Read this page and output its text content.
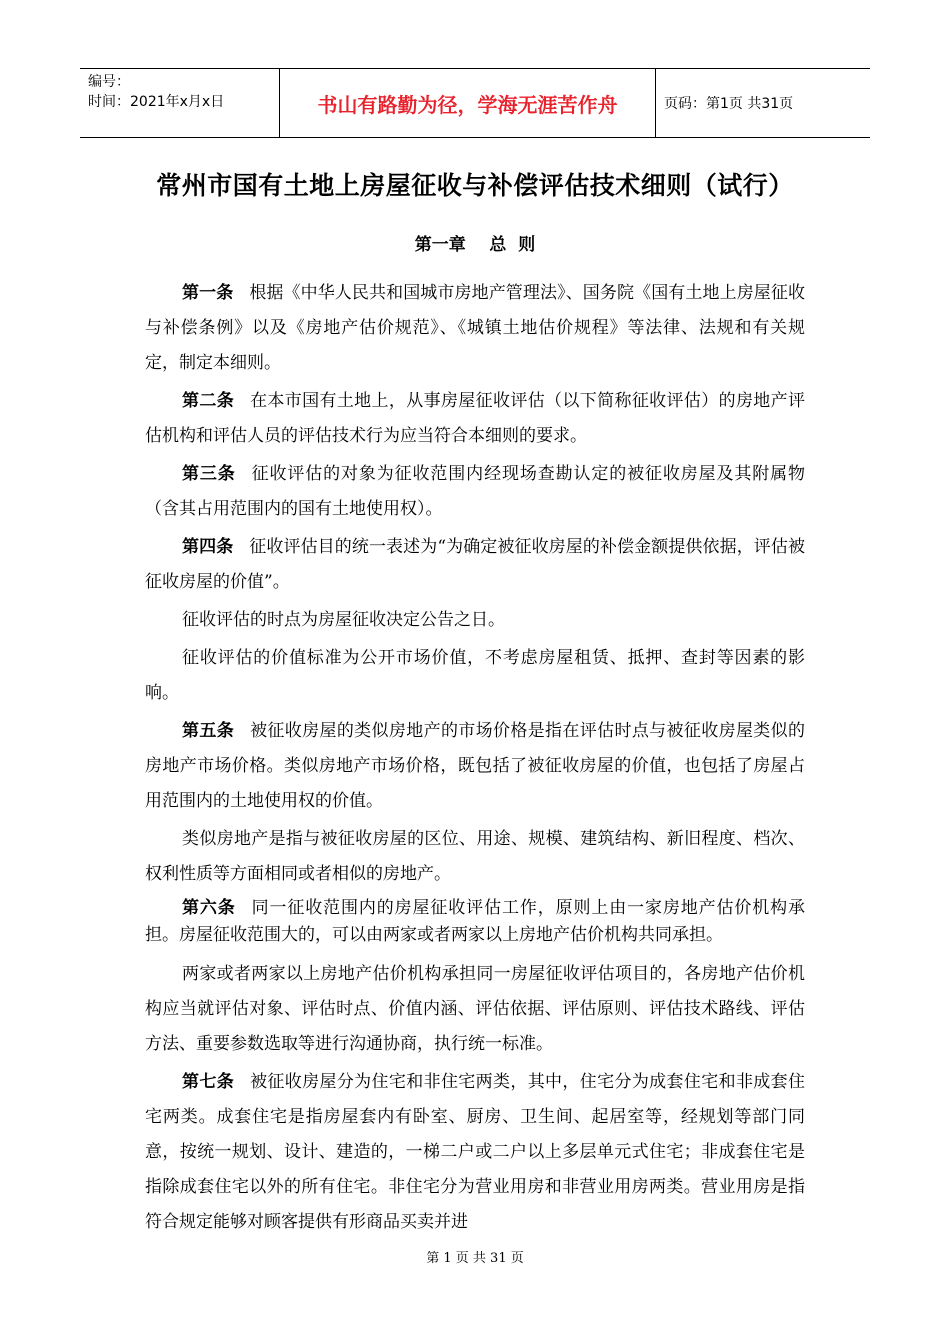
编号：
时间：2021年x月x日	书山有路勤为径，学海无涯苦作舟	页码：第1页 共31页
常州市国有土地上房屋征收与补偿评估技术细则（试行）
第一章    总  则

第一条 根据《中华人民共和国城市房地产管理法》、国务院《国有土地上房屋征收与补偿条例》以及《房地产估价规范》、《城镇土地估价规程》等法律、法规和有关规定，制定本细则。

第二条 在本市国有土地上，从事房屋征收评估（以下简称征收评估）的房地产评估机构和评估人员的评估技术行为应当符合本细则的要求。

第三条 征收评估的对象为征收范围内经现场查勘认定的被征收房屋及其附属物（含其占用范围内的国有土地使用权）。

第四条 征收评估目的统一表述为“为确定被征收房屋的补偿金额提供依据，评估被征收房屋的价值”。

征收评估的时点为房屋征收决定公告之日。

征收评估的价值标准为公开市场价值，不考虑房屋租赁、抵押、查封等因素的影响。

第五条 被征收房屋的类似房地产的市场价格是指在评估时点与被征收房屋类似的房地产市场价格。类似房地产市场价格，既包括了被征收房屋的价值，也包括了房屋占用范围内的土地使用权的价值。

类似房地产是指与被征收房屋的区位、用途、规模、建筑结构、新旧程度、档次、权利性质等方面相同或者相似的房地产。

第六条 同一征收范围内的房屋征收评估工作，原则上由一家房地产估价机构承担。房屋征收范围大的，可以由两家或者两家以上房地产估价机构共同承担。

两家或者两家以上房地产估价机构承担同一房屋征收评估项目的，各房地产估价机构应当就评估对象、评估时点、价值内涵、评估依据、评估原则、评估技术路线、评估方法、重要参数选取等进行沟通协商，执行统一标准。

第七条 被征收房屋分为住宅和非住宅两类，其中，住宅分为成套住宅和非成套住宅两类。成套住宅是指房屋套内有卧室、厨房、卫生间、起居室等，经规划等部门同意，按统一规划、设计、建造的，一梯二户或二户以上多层单元式住宅；非成套住宅是指除成套住宅以外的所有住宅。非住宅分为营业用房和非营业用房两类。营业用房是指符合规定能够对顾客提供有形商品买卖并进

第 1 页 共 31 页
